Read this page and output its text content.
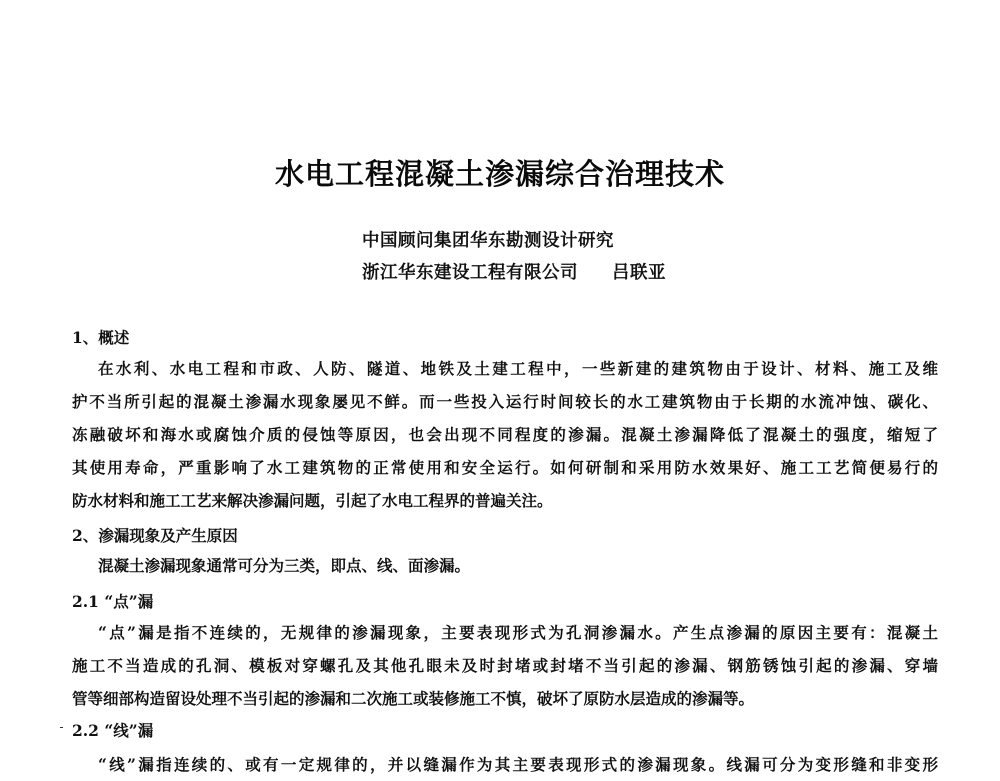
水电工程混凝土渗漏综合治理技术
中国顾问集团华东勘测设计研究
浙江华东建设工程有限公司 吕联亚
1、概述
在水利、水电工程和市政、人防、隧道、地铁及土建工程中，一些新建的建筑物由于设计、材料、施工及维
护不当所引起的混凝土渗漏水现象屡见不鲜。而一些投入运行时间较长的水工建筑物由于长期的水流冲蚀、碳化、
冻融破坏和海水或腐蚀介质的侵蚀等原因，也会出现不同程度的渗漏。混凝土渗漏降低了混凝土的强度，缩短了
其使用寿命，严重影响了水工建筑物的正常使用和安全运行。如何研制和采用防水效果好、施工工艺简便易行的
防水材料和施工工艺来解决渗漏问题，引起了水电工程界的普遍关注。
2、渗漏现象及产生原因
混凝土渗漏现象通常可分为三类，即点、线、面渗漏。
2.1 “点”漏
“点”漏是指不连续的，无规律的渗漏现象，主要表现形式为孔洞渗漏水。产生点渗漏的原因主要有：混凝土
施工不当造成的孔洞、模板对穿螺孔及其他孔眼未及时封堵或封堵不当引起的渗漏、钢筋锈蚀引起的渗漏、穿墙
管等细部构造留设处理不当引起的渗漏和二次施工或装修施工不慎，破坏了原防水层造成的渗漏等。
2.2 “线”漏
“线”漏指连续的、或有一定规律的，并以缝漏作为其主要表现形式的渗漏现象。线漏可分为变形缝和非变形
